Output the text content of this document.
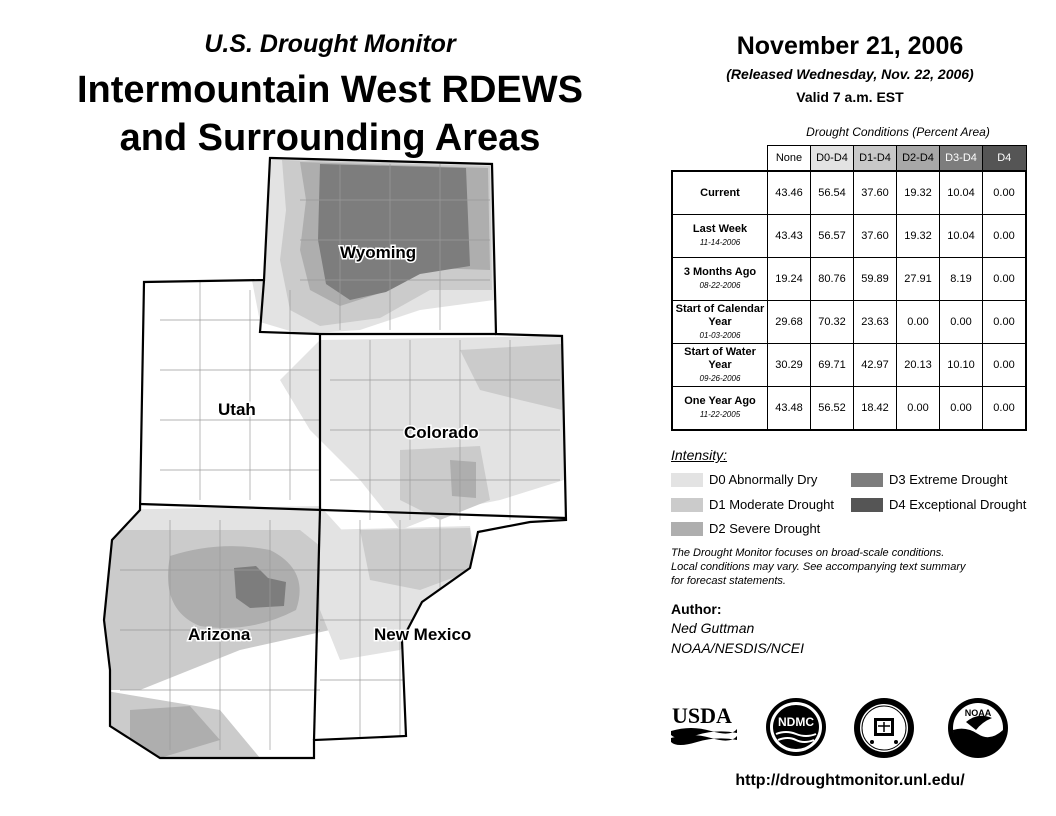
U.S. Drought Monitor
Intermountain West RDEWS
and Surrounding Areas
Wyoming
Utah
Colorado
Arizona	New Mexico
November 21, 2006
(Released Wednesday, Nov. 22, 2006)
Valid 7 a.m. EST
Drought Conditions (Percent Area)
	None	D0-D4	D1-D4	D2-D4	D3-D4	D4
Current	43.46	56.54	37.60	19.32	10.04	0.00
Last Week
11-14-2006	43.43	56.57	37.60	19.32	10.04	0.00
3 Months Ago
08-22-2006	19.24	80.76	59.89	27.91	8.19	0.00
Start of Calendar Year
01-03-2006	29.68	70.32	23.63	0.00	0.00	0.00
Start of Water Year
09-26-2006	30.29	69.71	42.97	20.13	10.10	0.00
One Year Ago
11-22-2005	43.48	56.52	18.42	0.00	0.00	0.00
Intensity:
D0 Abnormally Dry
D1 Moderate Drought
D2 Severe Drought
D3 Extreme Drought
D4 Exceptional Drought
The Drought Monitor focuses on broad-scale conditions.
Local conditions may vary. See accompanying text summary
for forecast statements.
Author:
Ned Guttman
NOAA/NESDIS/NCEI
USDA	NDMC
NOAA
http://droughtmonitor.unl.edu/
